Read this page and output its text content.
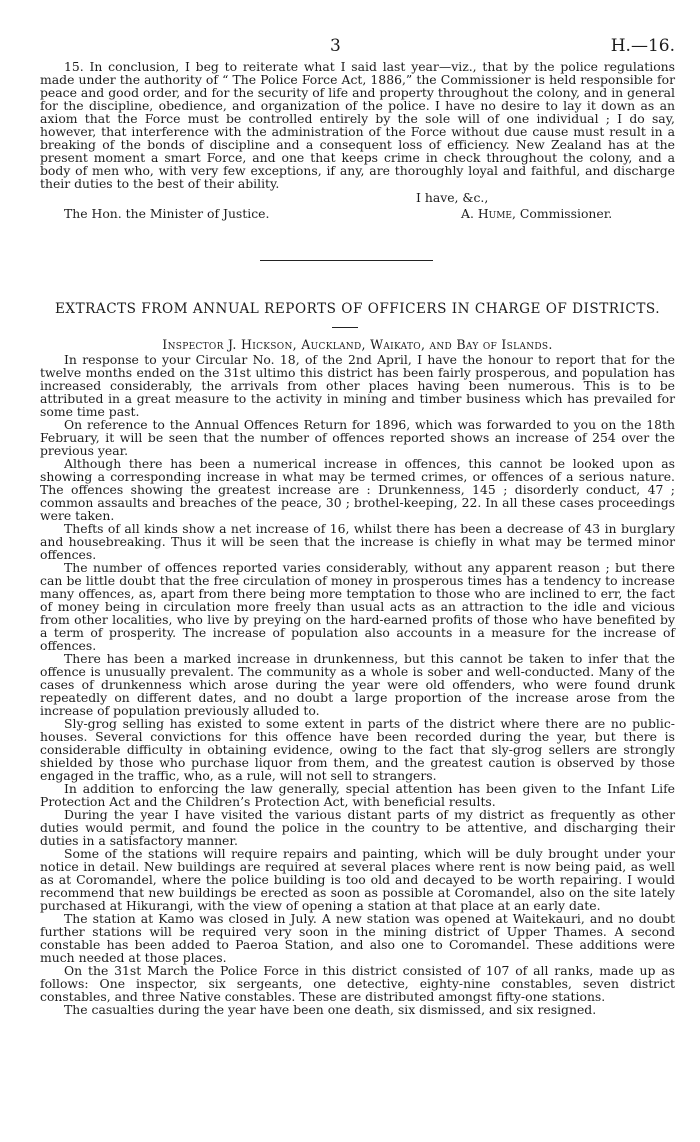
3	H.—16.

15. In conclusion, I beg to reiterate what I said last year—viz., that by the police regulations made under the authority of “ The Police Force Act, 1886,” the Commissioner is held responsible for peace and good order, and for the security of life and property throughout the colony, and in general for the discipline, obedience, and organization of the police. I have no desire to lay it down as an axiom that the Force must be controlled entirely by the sole will of one individual ; I do say, however, that interference with the administration of the Force without due cause must result in a breaking of the bonds of discipline and a consequent loss of efficiency. New Zealand has at the present moment a smart Force, and one that keeps crime in check throughout the colony, and a body of men who, with very few exceptions, if any, are thoroughly loyal and faithful, and discharge their duties to the best of their ability.

I have, &c.,
The Hon. the Minister of Justice.	A. Hume, Commissioner.
EXTRACTS FROM ANNUAL REPORTS OF OFFICERS IN CHARGE OF DISTRICTS.
Inspector J. Hickson, Auckland, Waikato, and Bay of Islands.

In response to your Circular No. 18, of the 2nd April, I have the honour to report that for the twelve months ended on the 31st ultimo this district has been fairly prosperous, and population has increased considerably, the arrivals from other places having been numerous. This is to be attributed in a great measure to the activity in mining and timber business which has prevailed for some time past.

On reference to the Annual Offences Return for 1896, which was forwarded to you on the 18th February, it will be seen that the number of offences reported shows an increase of 254 over the previous year.

Although there has been a numerical increase in offences, this cannot be looked upon as showing a corresponding increase in what may be termed crimes, or offences of a serious nature. The offences showing the greatest increase are : Drunkenness, 145 ; disorderly conduct, 47 ; common assaults and breaches of the peace, 30 ; brothel-keeping, 22. In all these cases proceedings were taken.

Thefts of all kinds show a net increase of 16, whilst there has been a decrease of 43 in burglary and housebreaking. Thus it will be seen that the increase is chiefly in what may be termed minor offences.

The number of offences reported varies considerably, without any apparent reason ; but there can be little doubt that the free circulation of money in prosperous times has a tendency to increase many offences, as, apart from there being more temptation to those who are inclined to err, the fact of money being in circulation more freely than usual acts as an attraction to the idle and vicious from other localities, who live by preying on the hard-earned profits of those who have benefited by a term of prosperity. The increase of population also accounts in a measure for the increase of offences.

There has been a marked increase in drunkenness, but this cannot be taken to infer that the offence is unusually prevalent. The community as a whole is sober and well-conducted. Many of the cases of drunkenness which arose during the year were old offenders, who were found drunk repeatedly on different dates, and no doubt a large proportion of the increase arose from the increase of population previously alluded to.

Sly-grog selling has existed to some extent in parts of the district where there are no public-houses. Several convictions for this offence have been recorded during the year, but there is considerable difficulty in obtaining evidence, owing to the fact that sly-grog sellers are strongly shielded by those who purchase liquor from them, and the greatest caution is observed by those engaged in the traffic, who, as a rule, will not sell to strangers.

In addition to enforcing the law generally, special attention has been given to the Infant Life Protection Act and the Children’s Protection Act, with beneficial results.

During the year I have visited the various distant parts of my district as frequently as other duties would permit, and found the police in the country to be attentive, and discharging their duties in a satisfactory manner.

Some of the stations will require repairs and painting, which will be duly brought under your notice in detail. New buildings are required at several places where rent is now being paid, as well as at Coromandel, where the police building is too old and decayed to be worth repairing. I would recommend that new buildings be erected as soon as possible at Coromandel, also on the site lately purchased at Hikurangi, with the view of opening a station at that place at an early date.

The station at Kamo was closed in July. A new station was opened at Waitekauri, and no doubt further stations will be required very soon in the mining district of Upper Thames. A second constable has been added to Paeroa Station, and also one to Coromandel. These additions were much needed at those places.

On the 31st March the Police Force in this district consisted of 107 of all ranks, made up as follows: One inspector, six sergeants, one detective, eighty-nine constables, seven district constables, and three Native constables. These are distributed amongst fifty-one stations.

The casualties during the year have been one death, six dismissed, and six resigned.
